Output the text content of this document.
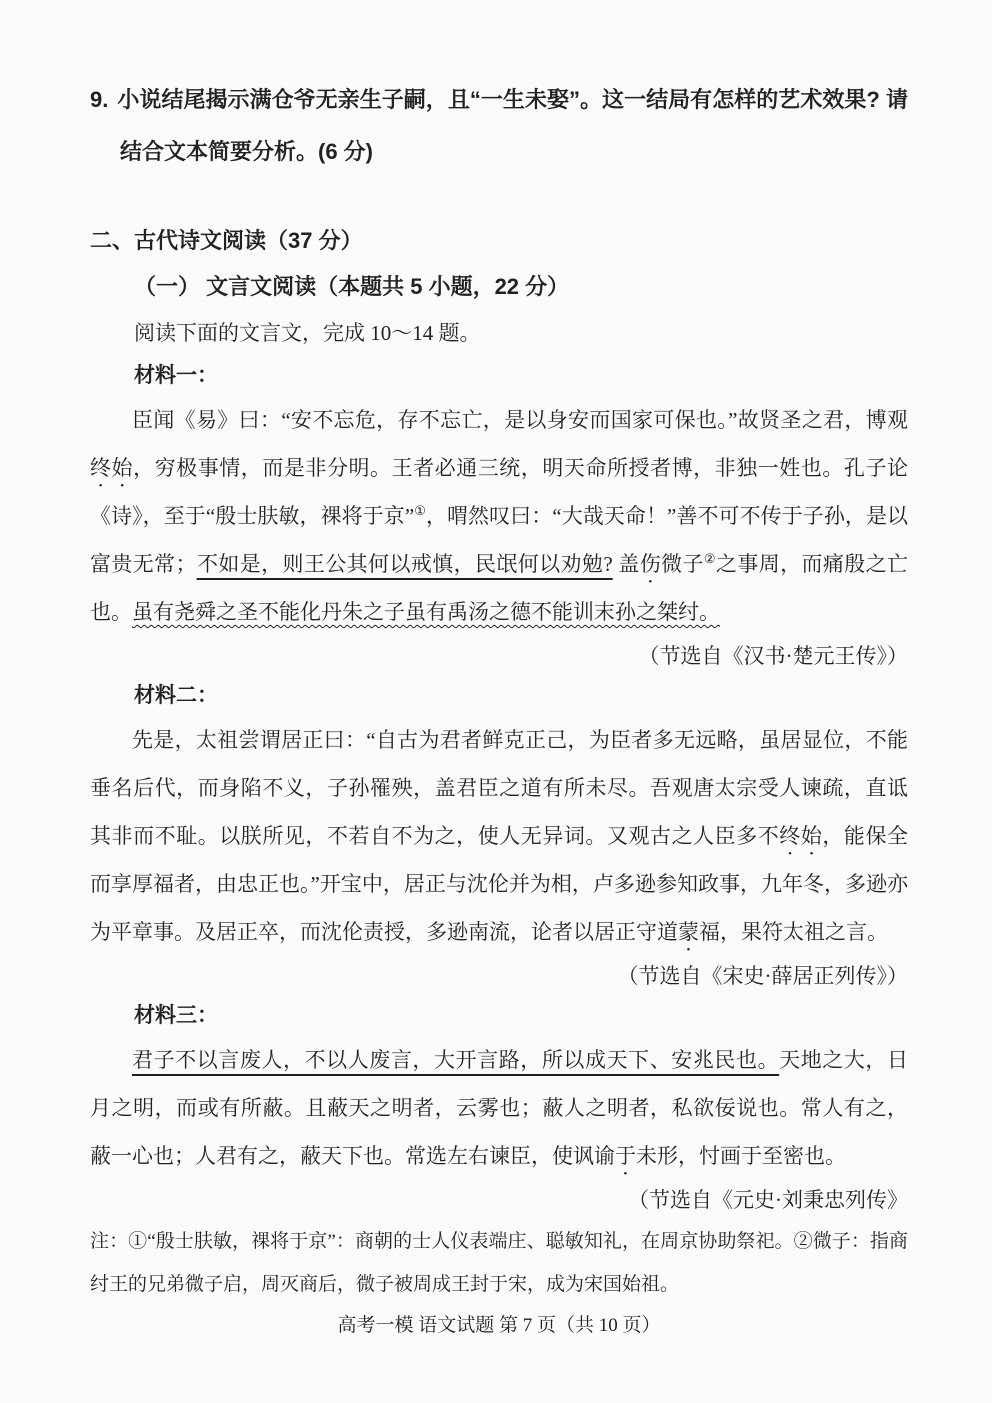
9. 小说结尾揭示满仓爷无亲生子嗣，且“一生未娶”。这一结局有怎样的艺术效果? 请结合文本简要分析。(6 分)

二、古代诗文阅读（37 分）

（一） 文言文阅读（本题共 5 小题，22 分）

阅读下面的文言文，完成 10～14 题。

材料一：

臣闻《易》曰：“安不忘危，存不忘亡，是以身安而国家可保也。”故贤圣之君，博观终始，穷极事情，而是非分明。王者必通三统，明天命所授者博，非独一姓也。孔子论《诗》，至于“殷士肤敏，祼将于京”①，喟然叹曰：“大哉天命！”善不可不传于子孙，是以富贵无常；不如是，则王公其何以戒慎，民氓何以劝勉? 盖伤微子②之事周，而痛殷之亡也。虽有尧舜之圣不能化丹朱之子虽有禹汤之德不能训末孙之桀纣。

（节选自《汉书·楚元王传》）

材料二：

先是，太祖尝谓居正曰：“自古为君者鲜克正己，为臣者多无远略，虽居显位，不能垂名后代，而身陷不义，子孙罹殃，盖君臣之道有所未尽。吾观唐太宗受人谏疏，直诋其非而不耻。以朕所见，不若自不为之，使人无异词。又观古之人臣多不终始，能保全而享厚福者，由忠正也。”开宝中，居正与沈伦并为相，卢多逊参知政事，九年冬，多逊亦为平章事。及居正卒，而沈伦责授，多逊南流，论者以居正守道蒙福，果符太祖之言。

（节选自《宋史·薛居正列传》）

材料三：

君子不以言废人，不以人废言，大开言路，所以成天下、安兆民也。天地之大，日月之明，而或有所蔽。且蔽天之明者，云雾也；蔽人之明者，私欲佞说也。常人有之，蔽一心也；人君有之，蔽天下也。常选左右谏臣，使讽谕于未形，忖画于至密也。

（节选自《元史·刘秉忠列传》

注：①“殷士肤敏，祼将于京”：商朝的士人仪表端庄、聪敏知礼，在周京协助祭祀。②微子：指商纣王的兄弟微子启，周灭商后，微子被周成王封于宋，成为宋国始祖。

高考一模 语文试题 第 7 页（共 10 页）
